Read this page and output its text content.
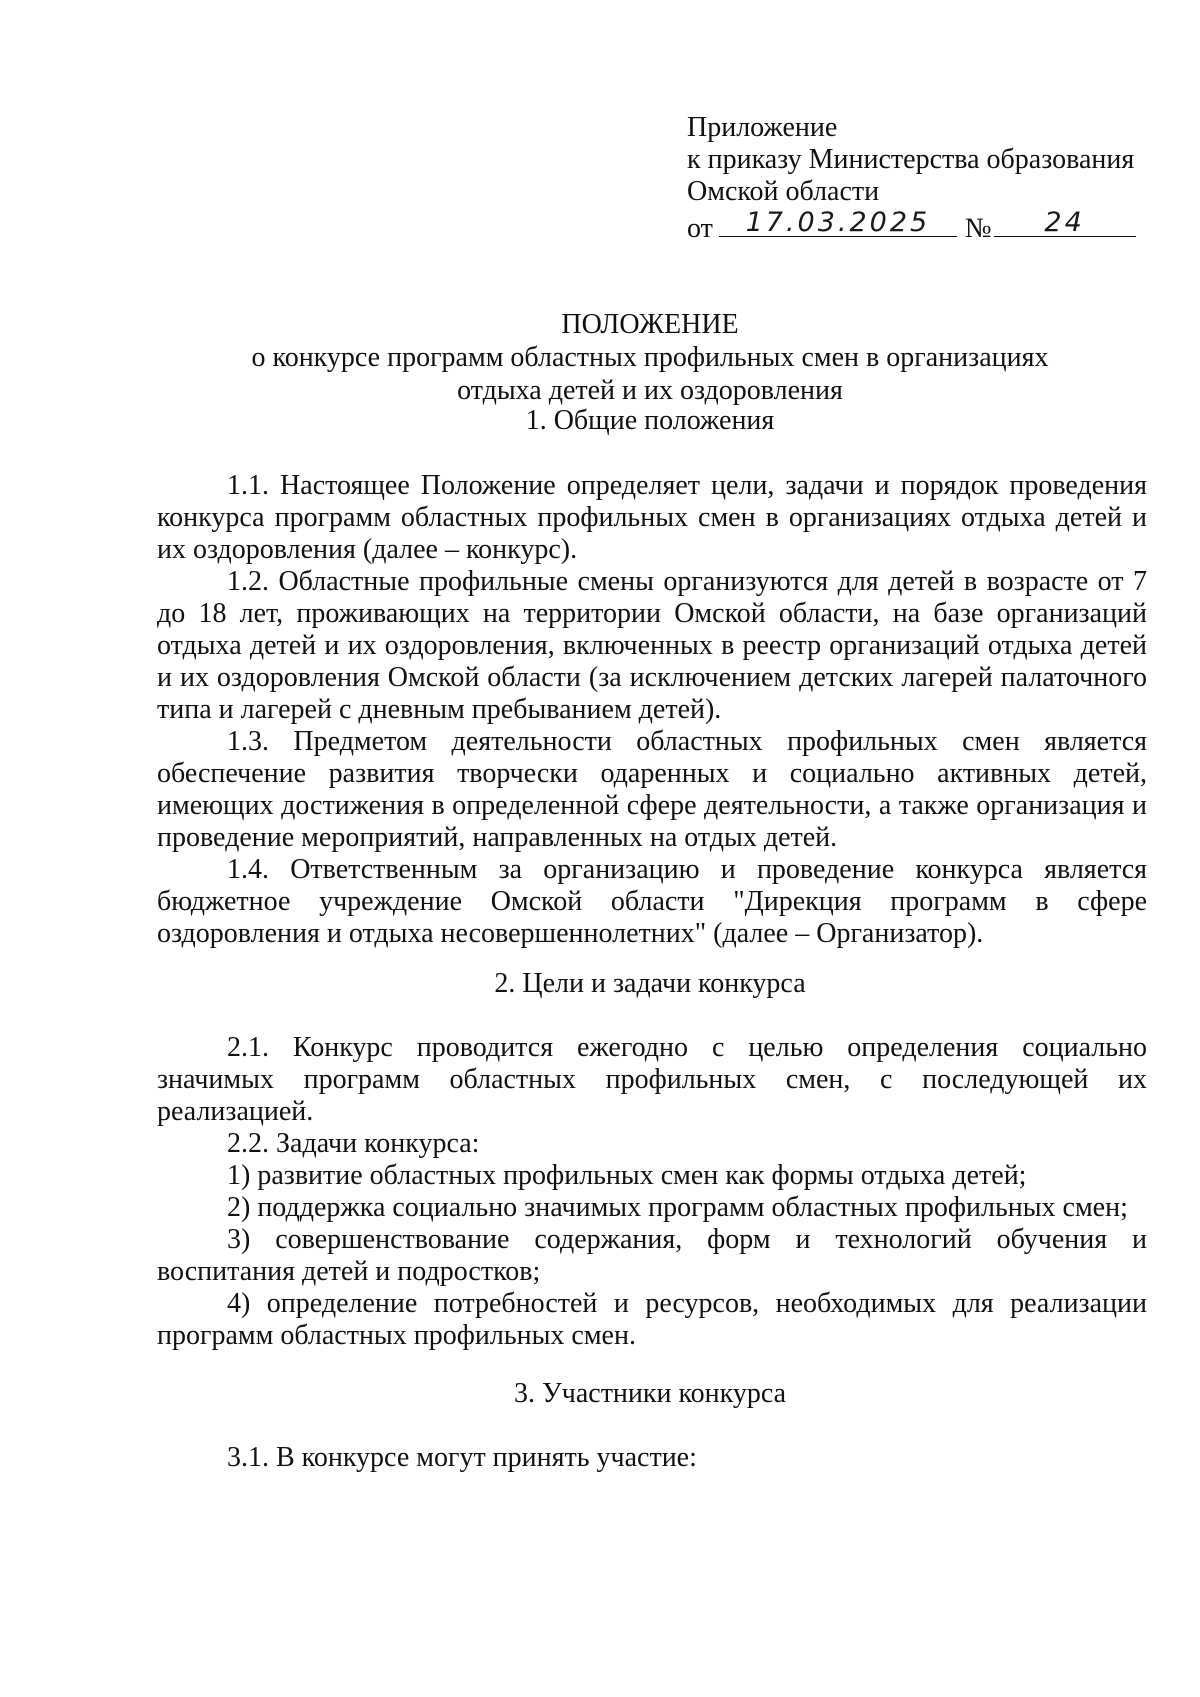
Приложение
к приказу Министерства образования
Омской области
от	17.03.2025	№	24
ПОЛОЖЕНИЕ
о конкурсе программ областных профильных смен в организациях
отдыха детей и их оздоровления
1. Общие положения
1.1. Настоящее Положение определяет цели, задачи и порядок проведения конкурса программ областных профильных смен в организациях отдыха детей и их оздоровления (далее – конкурс).
1.2. Областные профильные смены организуются для детей в возрасте от 7 до 18 лет, проживающих на территории Омской области, на базе организаций отдыха детей и их оздоровления, включенных в реестр организаций отдыха детей и их оздоровления Омской области (за исключением детских лагерей палаточного типа и лагерей с дневным пребыванием детей).
1.3. Предметом деятельности областных профильных смен является обеспечение развития творчески одаренных и социально активных детей, имеющих достижения в определенной сфере деятельности, а также организация и проведение мероприятий, направленных на отдых детей.
1.4. Ответственным за организацию и проведение конкурса является бюджетное учреждение Омской области "Дирекция программ в сфере оздоровления и отдыха несовершеннолетних" (далее – Организатор).
2. Цели и задачи конкурса
2.1. Конкурс проводится ежегодно с целью определения социально значимых программ областных профильных смен, с последующей их реализацией.
2.2. Задачи конкурса:
1) развитие областных профильных смен как формы отдыха детей;
2) поддержка социально значимых программ областных профильных смен;
3) совершенствование содержания, форм и технологий обучения и воспитания детей и подростков;
4) определение потребностей и ресурсов, необходимых для реализации программ областных профильных смен.
3. Участники конкурса
3.1. В конкурсе могут принять участие:
